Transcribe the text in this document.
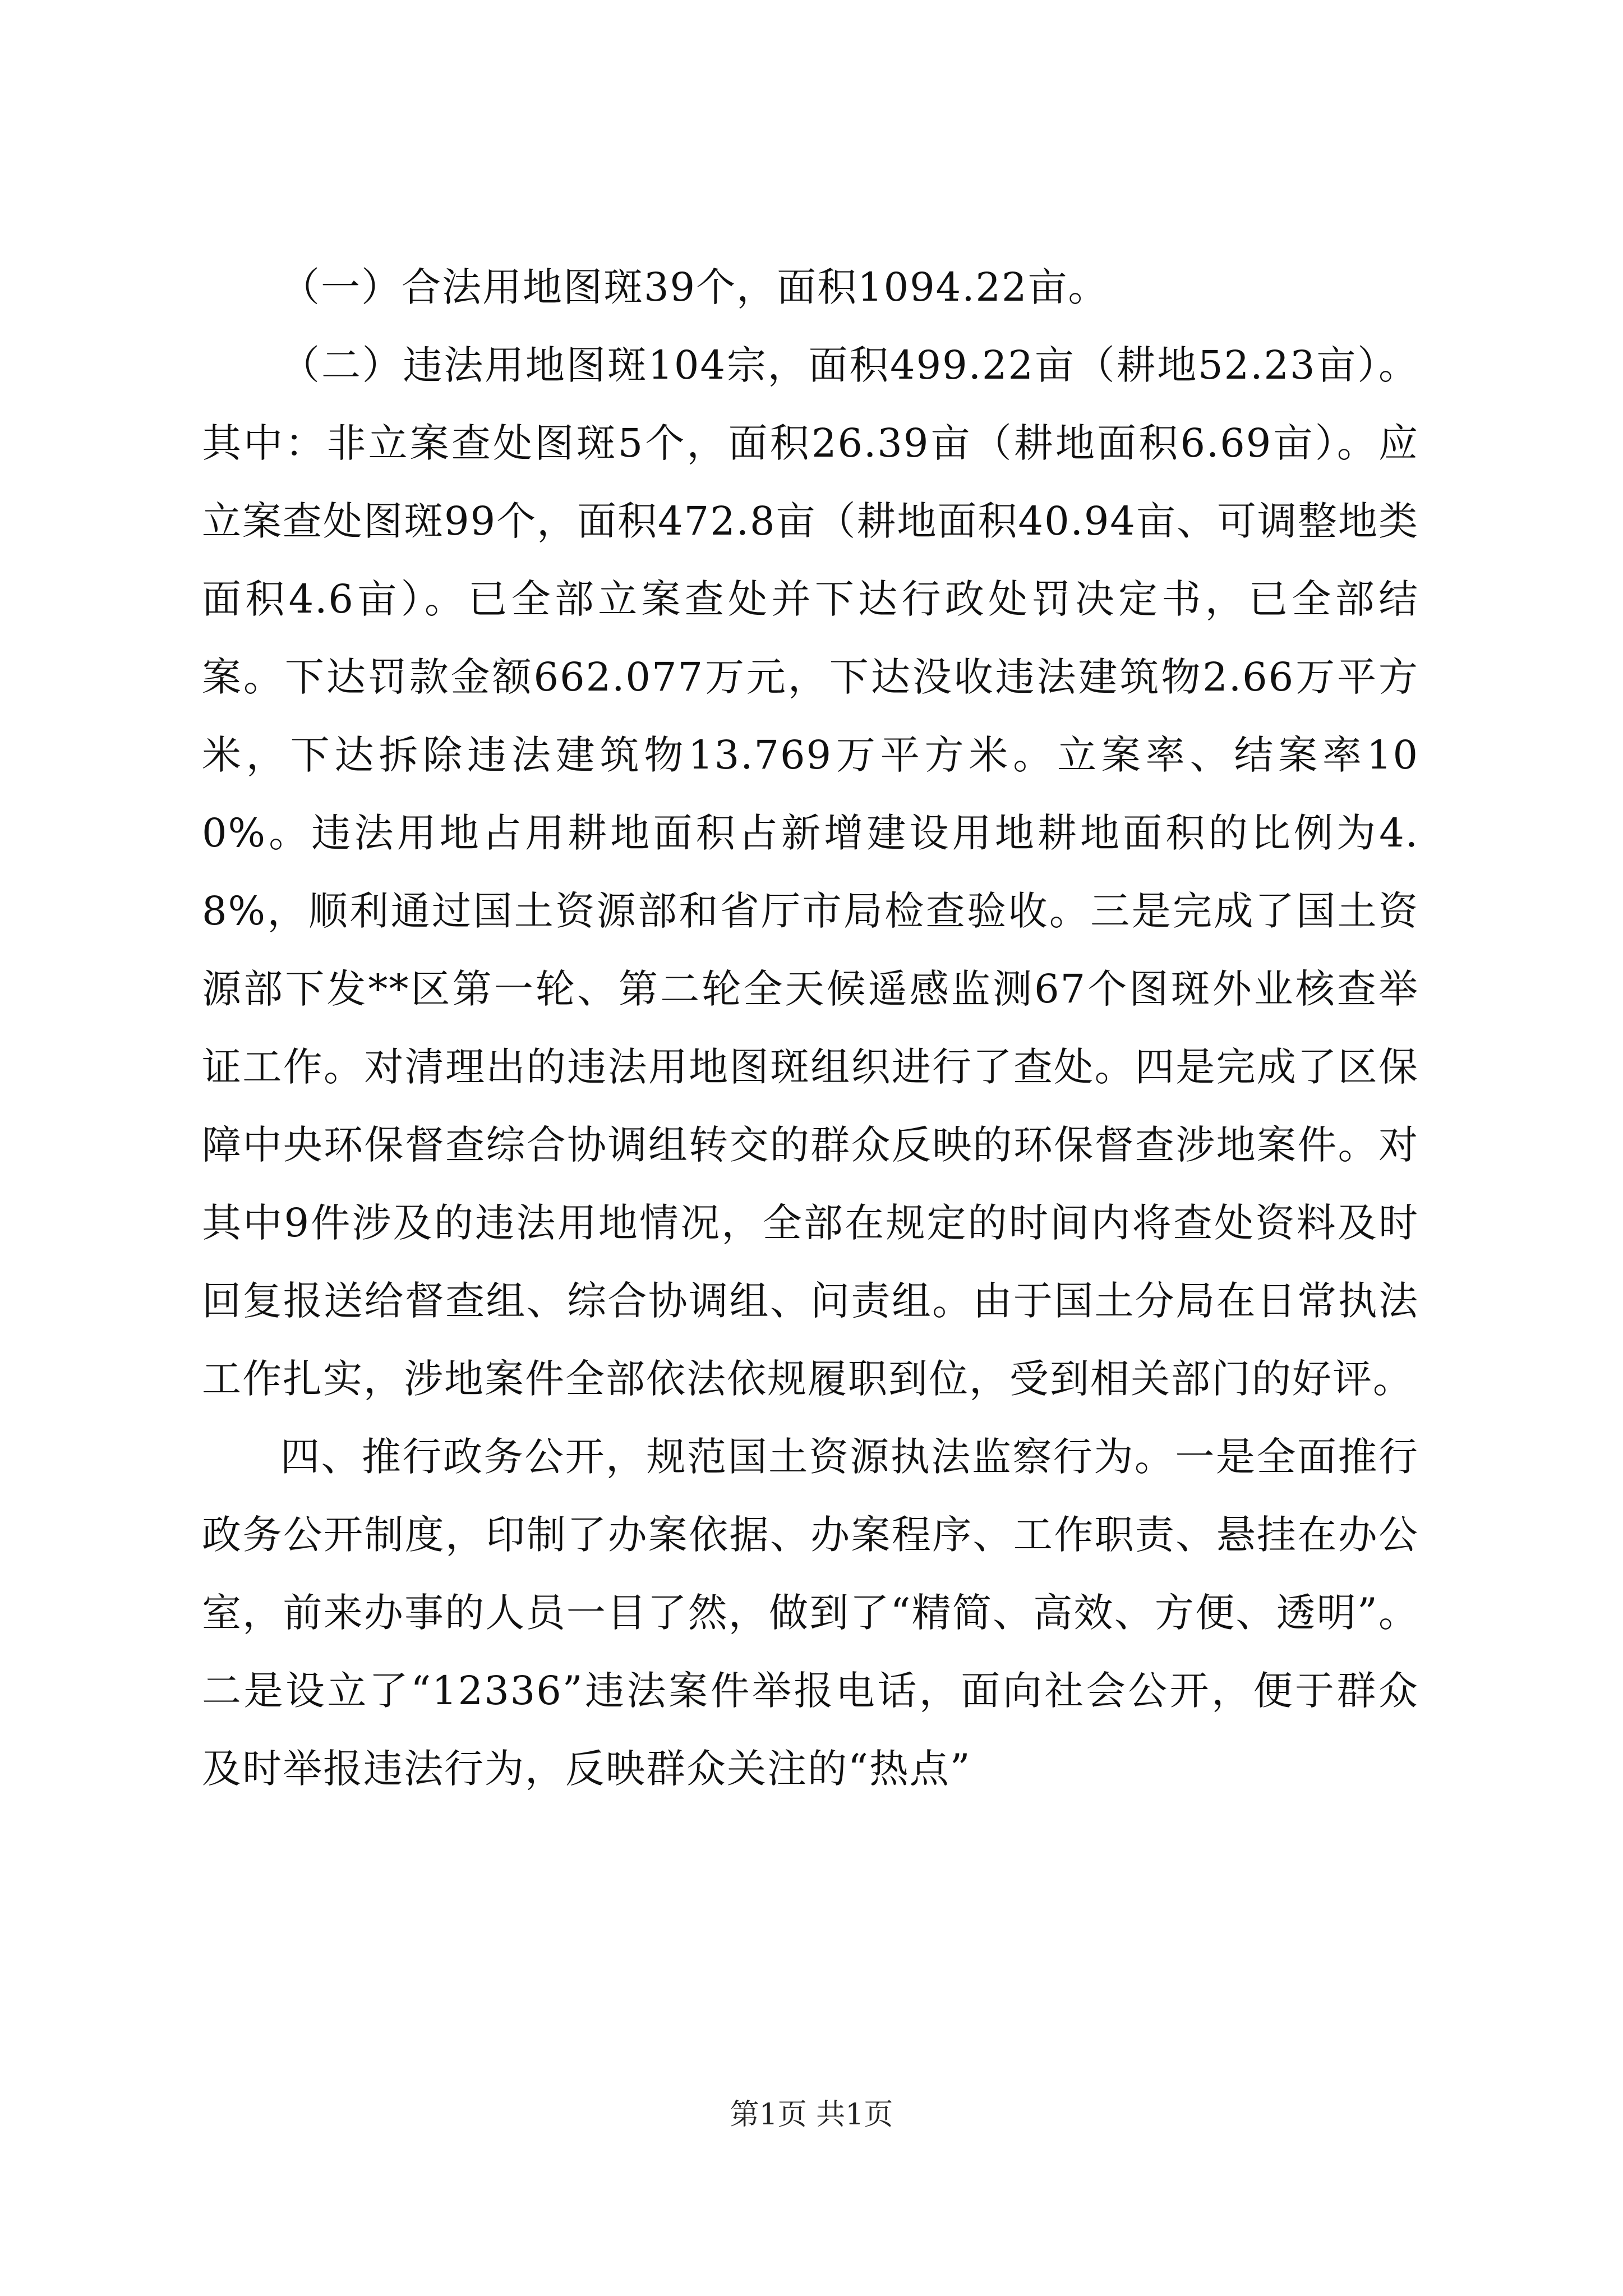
（一）合法用地图斑39个，面积1094.22亩。

（二）违法用地图斑104宗，面积499.22亩（耕地52.23亩）。其中：非立案查处图斑5个，面积26.39亩（耕地面积6.69亩）。应立案查处图斑99个，面积472.8亩（耕地面积40.94亩、可调整地类面积4.6亩）。已全部立案查处并下达行政处罚决定书，已全部结案。下达罚款金额662.077万元，下达没收违法建筑物2.66万平方米，下达拆除违法建筑物13.769万平方米。立案率、结案率100%。违法用地占用耕地面积占新增建设用地耕地面积的比例为4.8%，顺利通过国土资源部和省厅市局检查验收。三是完成了国土资源部下发**区第一轮、第二轮全天候遥感监测67个图斑外业核查举证工作。对清理出的违法用地图斑组织进行了查处。四是完成了区保障中央环保督查综合协调组转交的群众反映的环保督查涉地案件。对其中9件涉及的违法用地情况，全部在规定的时间内将查处资料及时回复报送给督查组、综合协调组、问责组。由于国土分局在日常执法工作扎实，涉地案件全部依法依规履职到位，受到相关部门的好评。

四、推行政务公开，规范国土资源执法监察行为。一是全面推行政务公开制度，印制了办案依据、办案程序、工作职责、悬挂在办公室，前来办事的人员一目了然，做到了“精简、高效、方便、透明”。二是设立了“12336”违法案件举报电话，面向社会公开，便于群众及时举报违法行为，反映群众关注的“热点”

第1页 共1页
